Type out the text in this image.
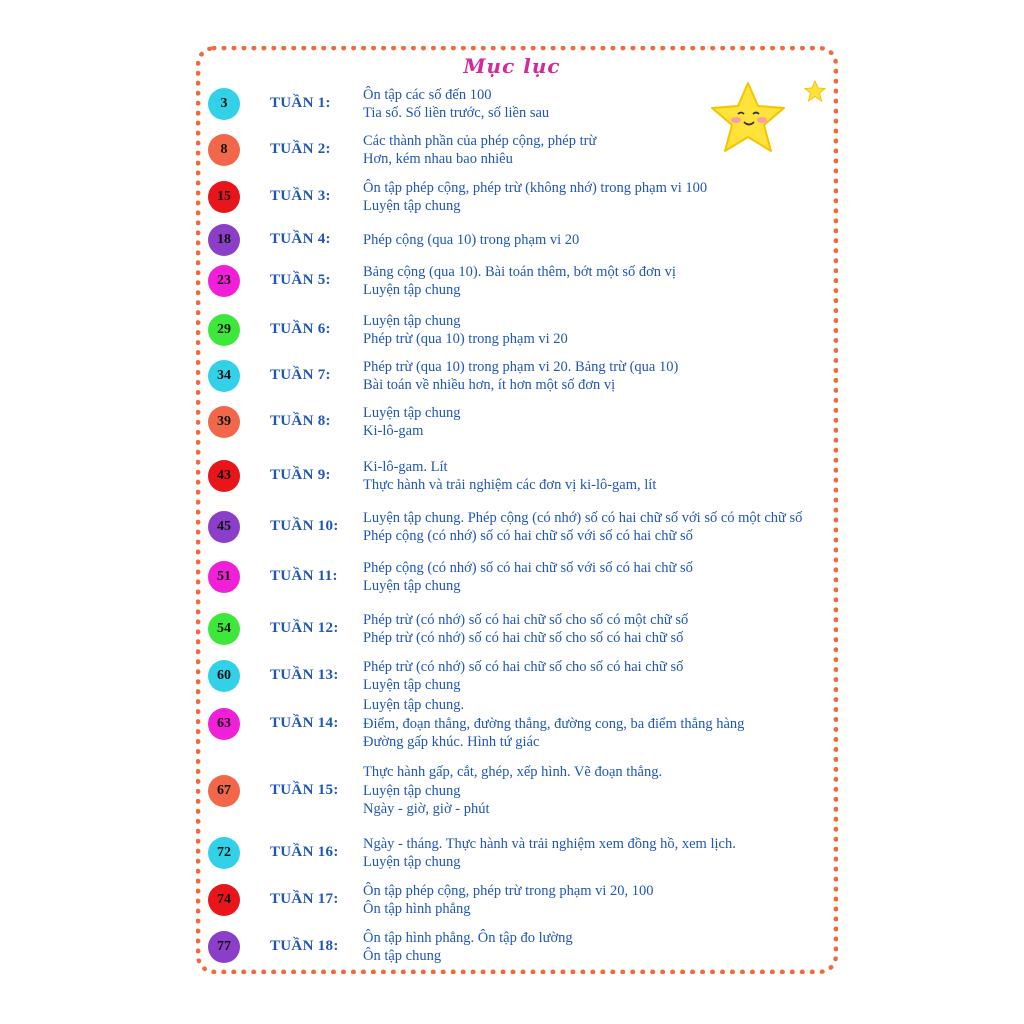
Mục lục
3	TUẦN 1:
Ôn tập các số đến 100
Tia số. Số liền trước, số liền sau
8	TUẦN 2:
Các thành phần của phép cộng, phép trừ
Hơn, kém nhau bao nhiêu
15	TUẦN 3:
Ôn tập phép cộng, phép trừ (không nhớ) trong phạm vi 100
Luyện tập chung
18	TUẦN 4: Phép cộng (qua 10) trong phạm vi 20
23	TUẦN 5:
Bảng cộng (qua 10). Bài toán thêm, bớt một số đơn vị
Luyện tập chung
29	TUẦN 6:
Luyện tập chung
Phép trừ (qua 10) trong phạm vi 20
34	TUẦN 7:
Phép trừ (qua 10) trong phạm vi 20. Bảng trừ (qua 10)
Bài toán về nhiều hơn, ít hơn một số đơn vị
39	TUẦN 8:
Luyện tập chung
Ki-lô-gam
43	TUẦN 9:
Ki-lô-gam. Lít
Thực hành và trải nghiệm các đơn vị ki-lô-gam, lít
45	TUẦN 10:
Luyện tập chung. Phép cộng (có nhớ) số có hai chữ số với số có một chữ số
Phép cộng (có nhớ) số có hai chữ số với số có hai chữ số
51	TUẦN 11:
Phép cộng (có nhớ) số có hai chữ số với số có hai chữ số
Luyện tập chung
54	TUẦN 12:
Phép trừ (có nhớ) số có hai chữ số cho số có một chữ số
Phép trừ (có nhớ) số có hai chữ số cho số có hai chữ số
60	TUẦN 13:
Phép trừ (có nhớ) số có hai chữ số cho số có hai chữ số
Luyện tập chung
63	TUẦN 14:
Luyện tập chung.
Điểm, đoạn thẳng, đường thẳng, đường cong, ba điểm thẳng hàng
Đường gấp khúc. Hình tứ giác
67	TUẦN 15:
Thực hành gấp, cắt, ghép, xếp hình. Vẽ đoạn thẳng.
Luyện tập chung
Ngày - giờ, giờ - phút
72	TUẦN 16:
Ngày - tháng. Thực hành và trải nghiệm xem đồng hồ, xem lịch.
Luyện tập chung
74	TUẦN 17:
Ôn tập phép cộng, phép trừ trong phạm vi 20, 100
Ôn tập hình phẳng
77	TUẦN 18:
Ôn tập hình phẳng. Ôn tập đo lường
Ôn tập chung
